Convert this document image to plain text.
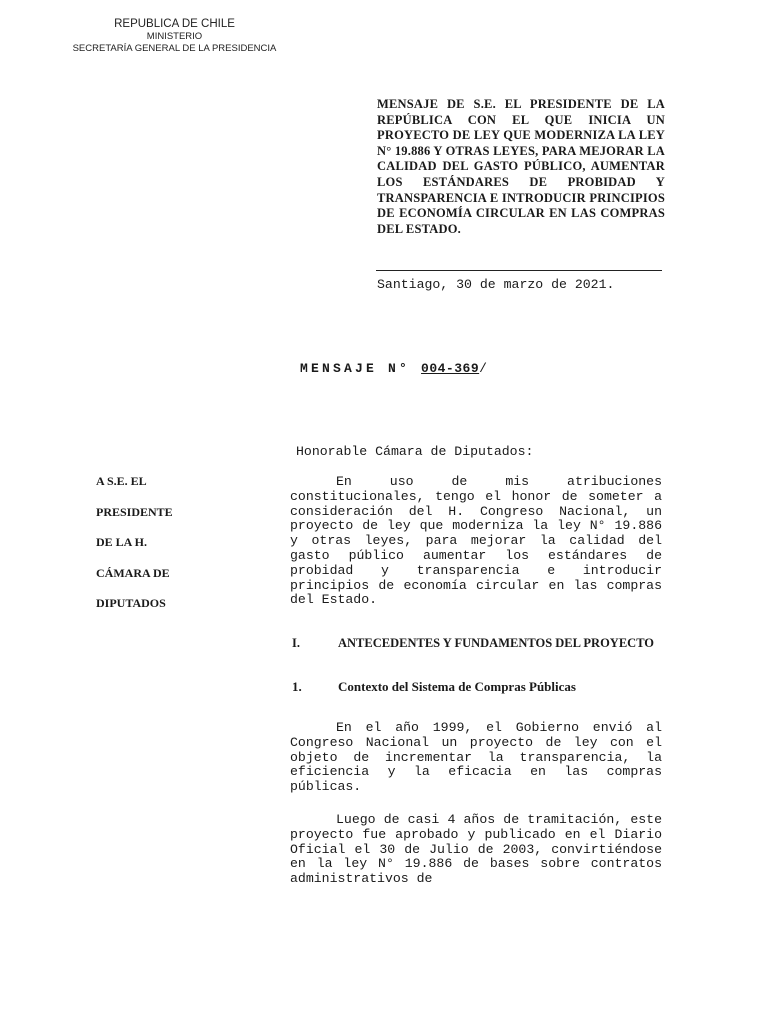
REPUBLICA DE CHILE
MINISTERIO
SECRETARÍA GENERAL DE LA PRESIDENCIA
MENSAJE DE S.E. EL PRESIDENTE DE LA REPÚBLICA CON EL QUE INICIA UN PROYECTO DE LEY QUE MODERNIZA LA LEY N° 19.886 Y OTRAS LEYES, PARA MEJORAR LA CALIDAD DEL GASTO PÚBLICO, AUMENTAR LOS ESTÁNDARES DE PROBIDAD Y TRANSPARENCIA E INTRODUCIR PRINCIPIOS DE ECONOMÍA CIRCULAR EN LAS COMPRAS DEL ESTADO.
Santiago, 30 de marzo de 2021.
MENSAJE N° 004-369/
Honorable Cámara de Diputados:
A S.E. EL
PRESIDENTE
DE LA H.
CÁMARA DE
DIPUTADOS

En uso de mis atribuciones constitucionales, tengo el honor de someter a consideración del H. Congreso Nacional, un proyecto de ley que moderniza la ley N° 19.886 y otras leyes, para mejorar la calidad del gasto público aumentar los estándares de probidad y transparencia e introducir principios de economía circular en las compras del Estado.

I.	ANTECEDENTES Y FUNDAMENTOS DEL PROYECTO
1.	Contexto del Sistema de Compras Públicas

En el año 1999, el Gobierno envió al Congreso Nacional un proyecto de ley con el objeto de incrementar la transparencia, la eficiencia y la eficacia en las compras públicas.

Luego de casi 4 años de tramitación, este proyecto fue aprobado y publicado en el Diario Oficial el 30 de Julio de 2003, convirtiéndose en la ley N° 19.886 de bases sobre contratos administrativos de
